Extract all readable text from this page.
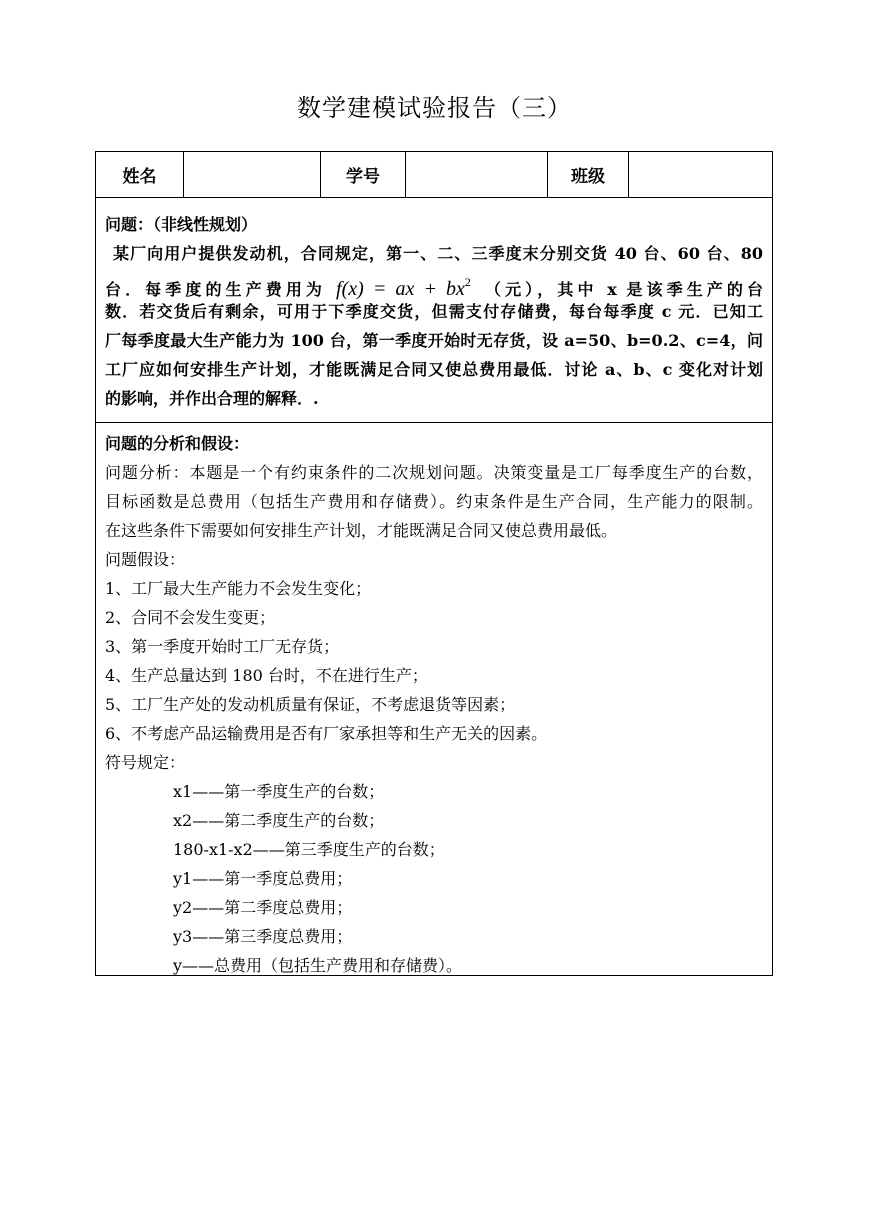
数学建模试验报告（三）
姓名	学号	班级
问题：（非线性规划）
某厂向用户提供发动机，合同规定，第一、二、三季度末分别交货 40 台、60 台、80
台．每季度的生产费用为 f(x) = ax + $bx^2$ （元），其中 x 是该季生产的台
数．若交货后有剩余，可用于下季度交货，但需支付存储费，每台每季度 c 元．已知工
厂每季度最大生产能力为 100 台，第一季度开始时无存货，设 a=50、b=0.2、c=4，问
工厂应如何安排生产计划，才能既满足合同又使总费用最低．讨论 a、b、c 变化对计划
的影响，并作出合理的解释．.
问题的分析和假设：
问题分析：本题是一个有约束条件的二次规划问题。决策变量是工厂每季度生产的台数，
目标函数是总费用（包括生产费用和存储费）。约束条件是生产合同，生产能力的限制。
在这些条件下需要如何安排生产计划，才能既满足合同又使总费用最低。
问题假设：
1、工厂最大生产能力不会发生变化；
2、合同不会发生变更；
3、第一季度开始时工厂无存货；
4、生产总量达到 180 台时，不在进行生产；
5、工厂生产处的发动机质量有保证，不考虑退货等因素；
6、不考虑产品运输费用是否有厂家承担等和生产无关的因素。
符号规定：
x1——第一季度生产的台数；
x2——第二季度生产的台数；
180-x1-x2——第三季度生产的台数；
y1——第一季度总费用；
y2——第二季度总费用；
y3——第三季度总费用；
y——总费用（包括生产费用和存储费）。
